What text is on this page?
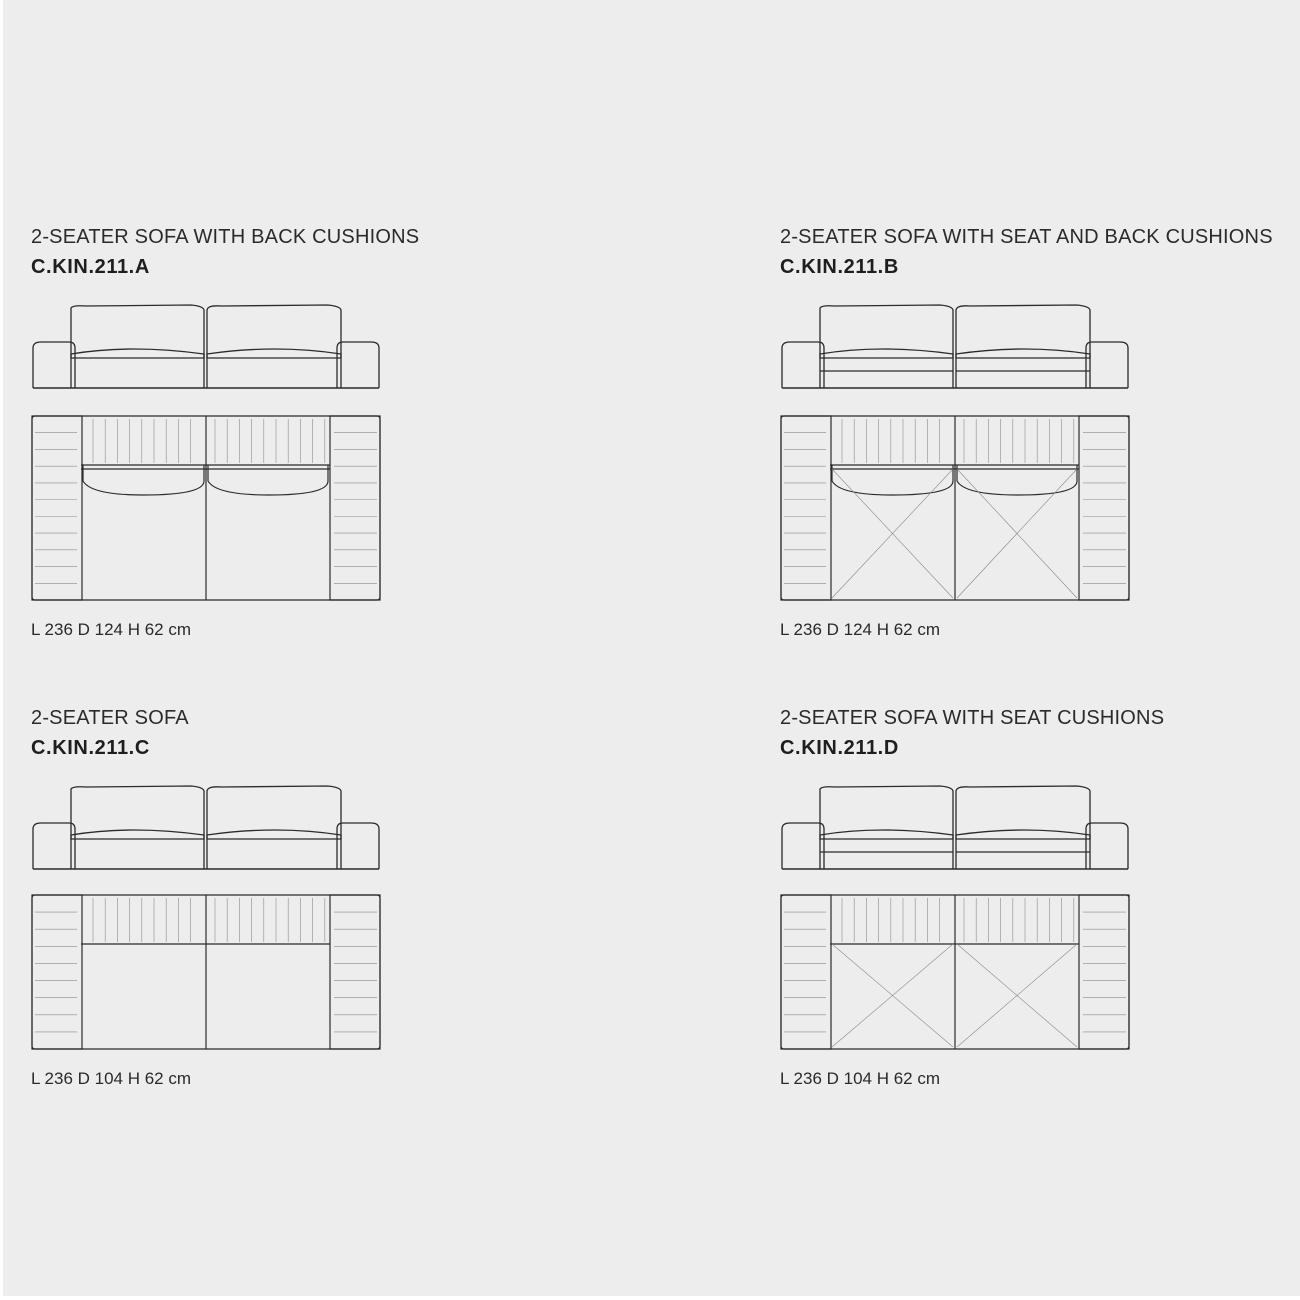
2-SEATER SOFA WITH BACK CUSHIONS
C.KIN.211.A
L 236 D 124 H 62 cm
2-SEATER SOFA WITH SEAT AND BACK CUSHIONS
C.KIN.211.B
L 236 D 124 H 62 cm
2-SEATER SOFA
C.KIN.211.C
L 236 D 104 H 62 cm
2-SEATER SOFA WITH SEAT CUSHIONS
C.KIN.211.D
L 236 D 104 H 62 cm
